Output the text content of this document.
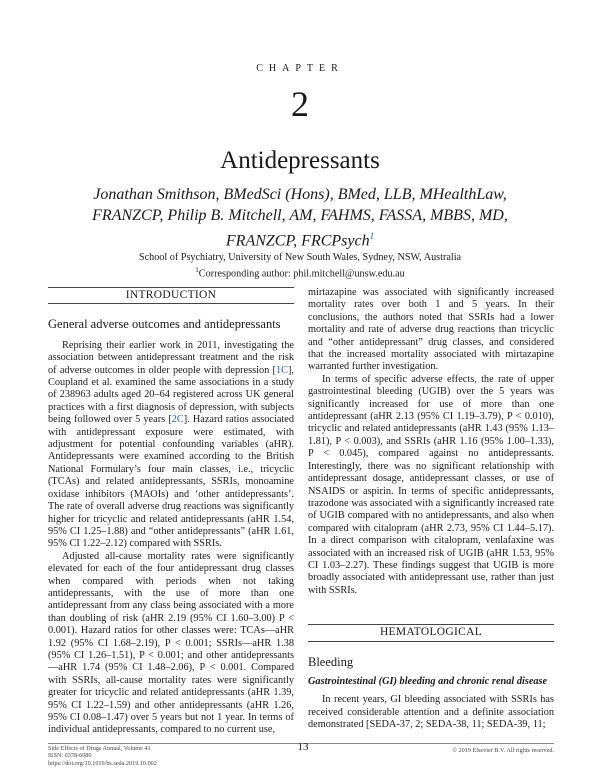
CHAPTER
2
Antidepressants
Jonathan Smithson, BMedSci (Hons), BMed, LLB, MHealthLaw,
FRANZCP, Philip B. Mitchell, AM, FAHMS, FASSA, MBBS, MD,
FRANZCP, FRCPsych$^1$
School of Psychiatry, University of New South Wales, Sydney, NSW, Australia
$^1$Corresponding author: phil.mitchell@unsw.edu.au
INTRODUCTION
General adverse outcomes and antidepressants

Reprising their earlier work in 2011, investigating the association between antidepressant treatment and the risk of adverse outcomes in older people with depression [1C], Coupland et al. examined the same associations in a study of 238963 adults aged 20–64 registered across UK general practices with a first diagnosis of depression, with subjects being followed over 5 years [2C]. Hazard ratios associated with antidepressant exposure were estimated, with adjustment for potential confounding variables (aHR). Antidepressants were examined according to the British National Formulary’s four main classes, i.e., tricyclic (TCAs) and related antidepressants, SSRIs, monoamine oxidase inhibitors (MAOIs) and ‘other antidepressants’. The rate of overall adverse drug reactions was significantly higher for tricyclic and related antidepressants (aHR 1.54, 95% CI 1.25–1.88) and “other antidepressants” (aHR 1.61, 95% CI 1.22–2.12) compared with SSRIs.

Adjusted all-cause mortality rates were significantly elevated for each of the four antidepressant drug classes when compared with periods when not taking antidepressants, with the use of more than one antidepressant from any class being associated with a more than doubling of risk (aHR 2.19 (95% CI 1.60–3.00) P < 0.001). Hazard ratios for other classes were: TCAs—aHR 1.92 (95% CI 1.68–2.19), P < 0.001; SSRIs—aHR 1.38 (95% CI 1.26–1.51), P < 0.001; and other antidepressants—aHR 1.74 (95% CI 1.48–2.06), P < 0.001. Compared with SSRIs, all-cause mortality rates were significantly greater for tricyclic and related antidepressants (aHR 1.39, 95% CI 1.22–1.59) and other antidepressants (aHR 1.26, 95% CI 0.08–1.47) over 5 years but not 1 year. In terms of individual antidepressants, compared to no current use,

mirtazapine was associated with significantly increased mortality rates over both 1 and 5 years. In their conclusions, the authors noted that SSRIs had a lower mortality and rate of adverse drug reactions than tricyclic and “other antidepressant” drug classes, and considered that the increased mortality associated with mirtazapine warranted further investigation.

In terms of specific adverse effects, the rate of upper gastrointestinal bleeding (UGIB) over the 5 years was significantly increased for use of more than one antidepressant (aHR 2.13 (95% CI 1.19–3.79), P < 0.010), tricyclic and related antidepressants (aHR 1.43 (95% 1.13–1.81), P < 0.003), and SSRIs (aHR 1.16 (95% 1.00–1.33), P < 0.045), compared against no antidepressants. Interestingly, there was no significant relationship with antidepressant dosage, antidepressant classes, or use of NSAIDS or aspirin. In terms of specific antidepressants, trazodone was associated with a significantly increased rate of UGIB compared with no antidepressants, and also when compared with citalopram (aHR 2.73, 95% CI 1.44–5.17). In a direct comparison with citalopram, venlafaxine was associated with an increased risk of UGIB (aHR 1.53, 95% CI 1.03–2.27). These findings suggest that UGIB is more broadly associated with antidepressant use, rather than just with SSRIs.

HEMATOLOGICAL
Bleeding
Gastrointestinal (GI) bleeding and chronic renal disease

In recent years, GI bleeding associated with SSRIs has received considerable attention and a definite association demonstrated [SEDA-37, 2; SEDA-38, 11; SEDA-39, 11;

Side Effects of Drugs Annual, Volume 41
ISSN: 0378-6080
https://doi.org/10.1016/bs.seda.2019.10.002
13	© 2019 Elsevier B.V. All rights reserved.
